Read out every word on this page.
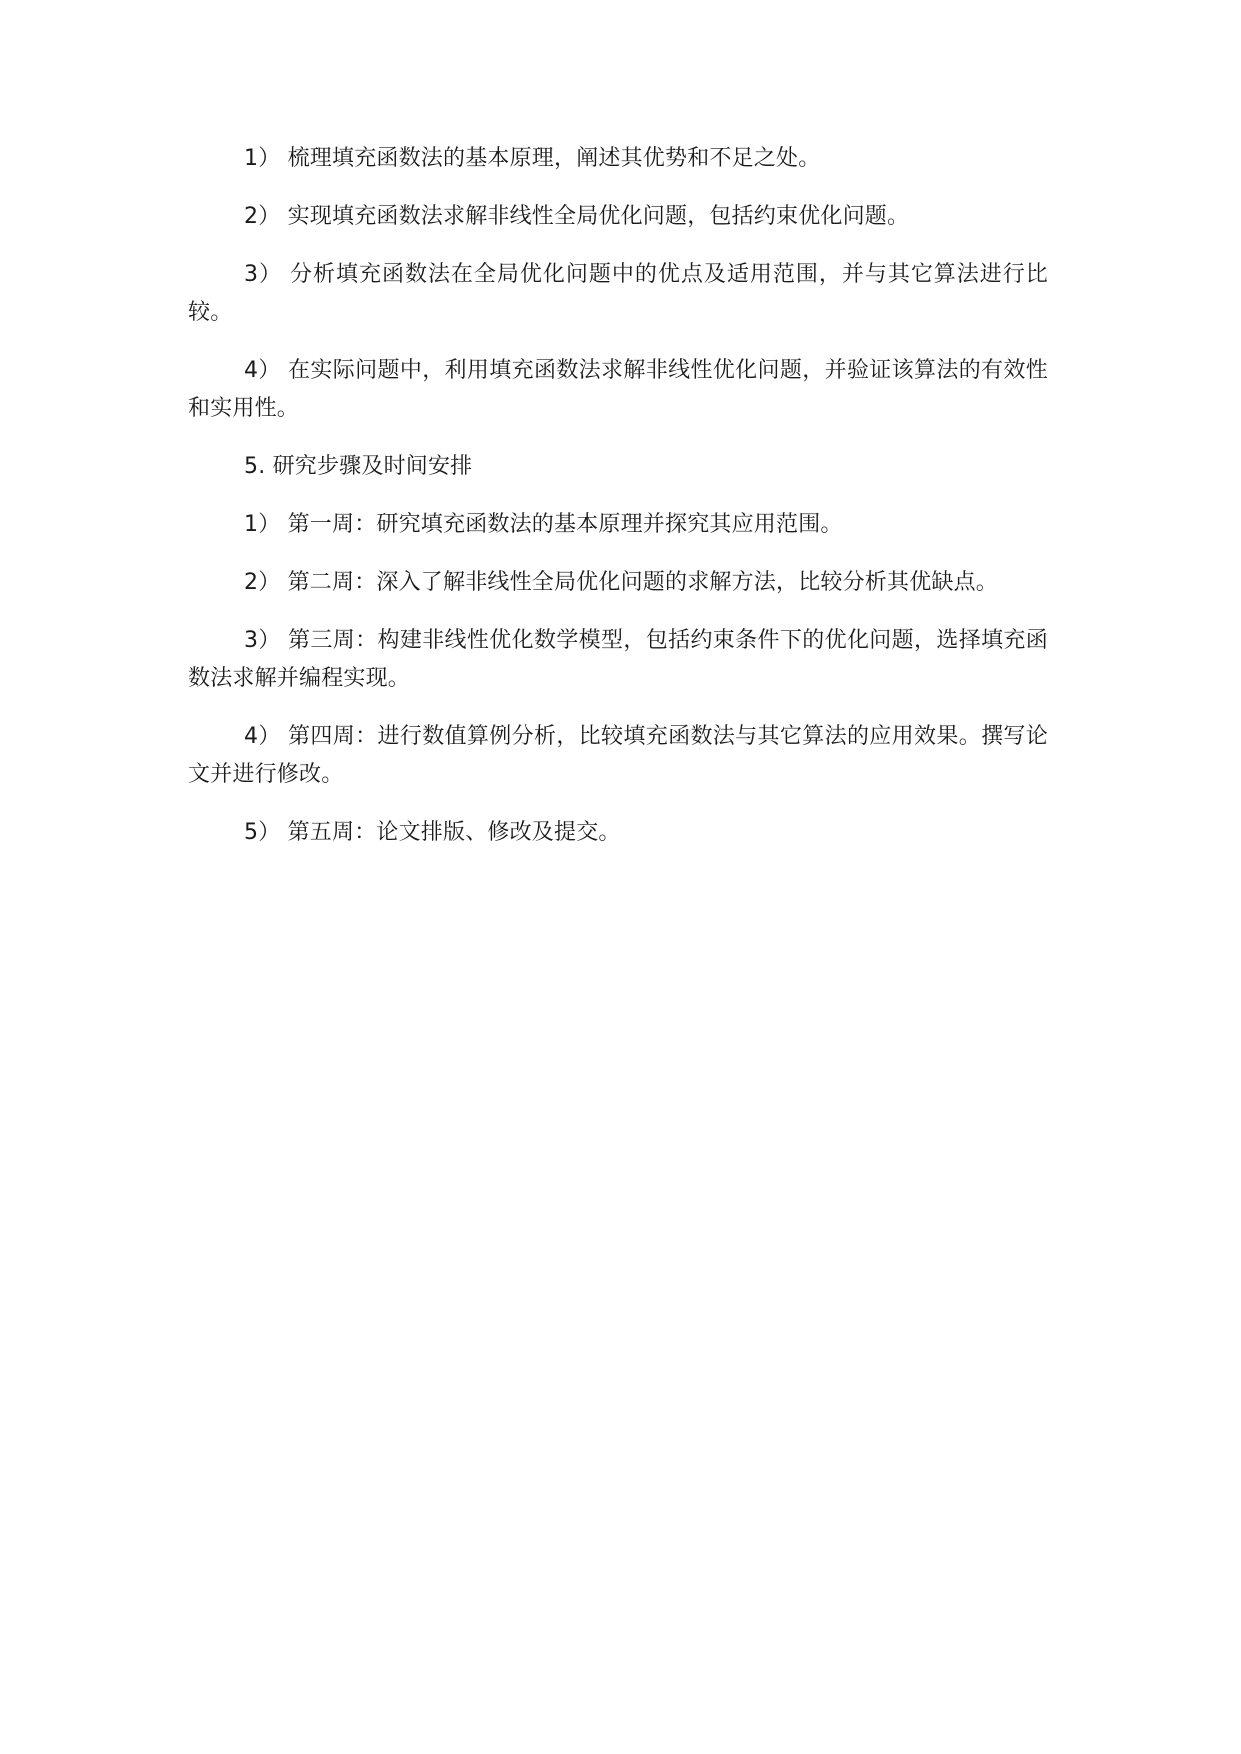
1） 梳理填充函数法的基本原理，阐述其优势和不足之处。

2） 实现填充函数法求解非线性全局优化问题，包括约束优化问题。

3） 分析填充函数法在全局优化问题中的优点及适用范围，并与其它算法进行比较。

4） 在实际问题中，利用填充函数法求解非线性优化问题，并验证该算法的有效性和实用性。

5. 研究步骤及时间安排

1） 第一周：研究填充函数法的基本原理并探究其应用范围。

2） 第二周：深入了解非线性全局优化问题的求解方法，比较分析其优缺点。

3） 第三周：构建非线性优化数学模型，包括约束条件下的优化问题，选择填充函数法求解并编程实现。

4） 第四周：进行数值算例分析，比较填充函数法与其它算法的应用效果。撰写论文并进行修改。

5） 第五周：论文排版、修改及提交。
